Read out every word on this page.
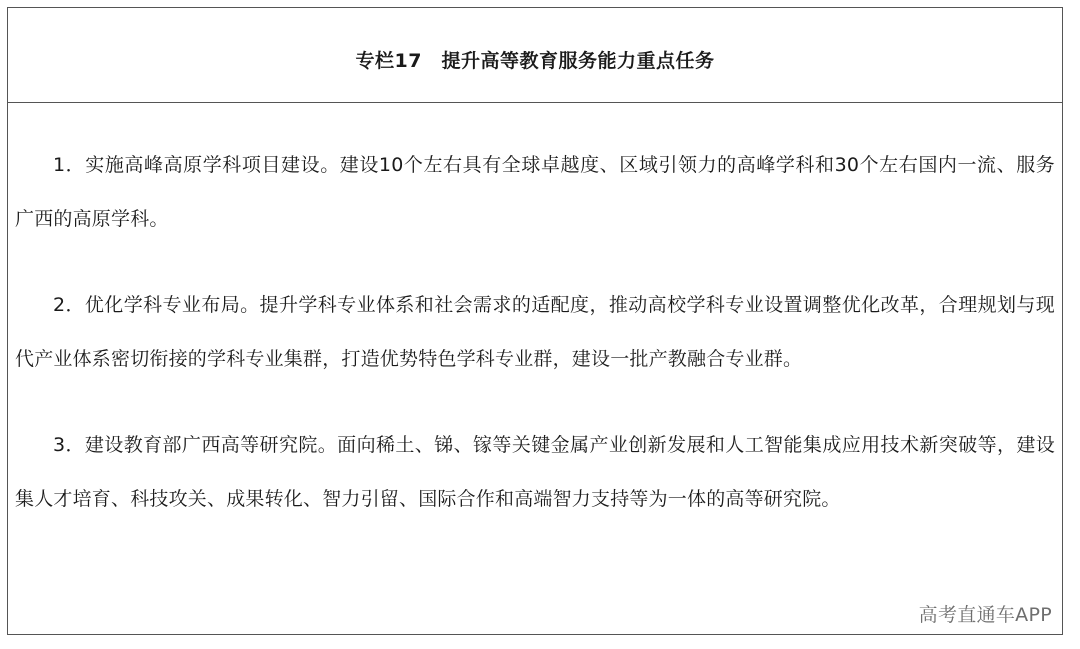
专栏17　提升高等教育服务能力重点任务

1．实施高峰高原学科项目建设。建设10个左右具有全球卓越度、区域引领力的高峰学科和30个左右国内一流、服务广西的高原学科。

2．优化学科专业布局。提升学科专业体系和社会需求的适配度，推动高校学科专业设置调整优化改革，合理规划与现代产业体系密切衔接的学科专业集群，打造优势特色学科专业群，建设一批产教融合专业群。

3．建设教育部广西高等研究院。面向稀土、锑、镓等关键金属产业创新发展和人工智能集成应用技术新突破等，建设集人才培育、科技攻关、成果转化、智力引留、国际合作和高端智力支持等为一体的高等研究院。

高考直通车APP
